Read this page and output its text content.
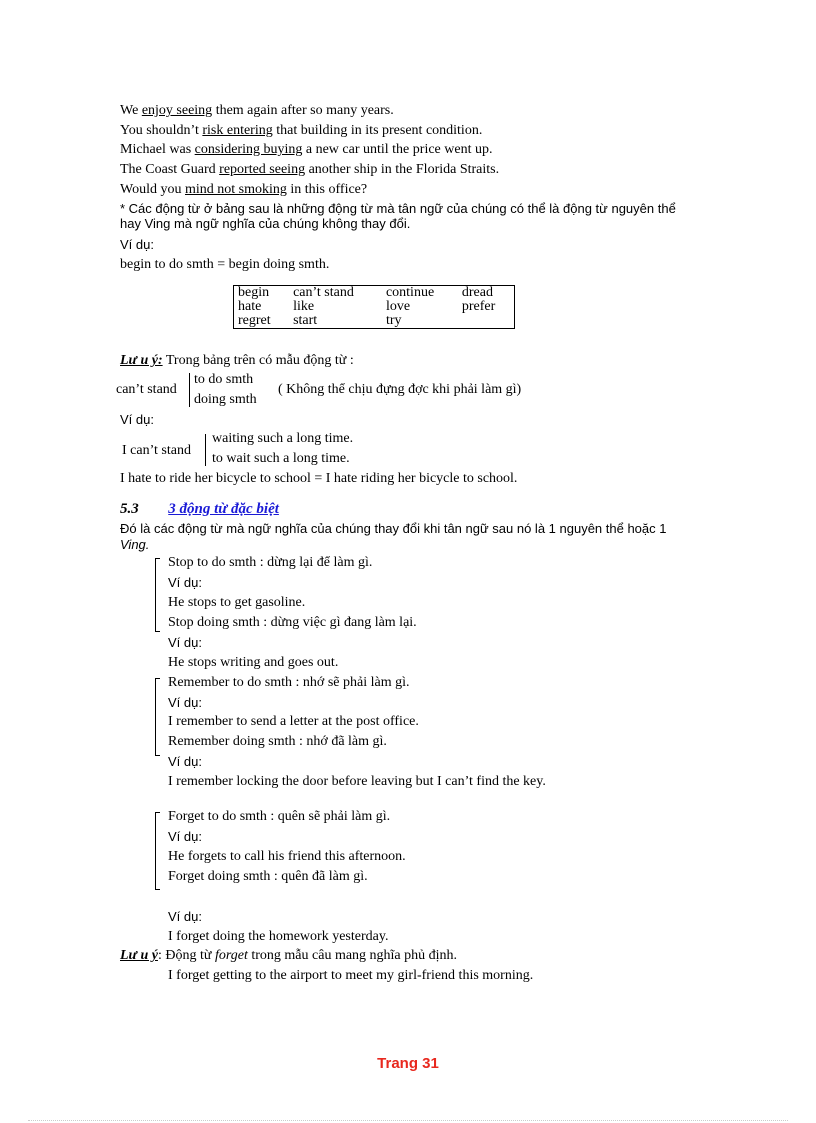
We enjoy seeing them again after so many years.
You shouldn’t risk entering that building in its present condition.
Michael was considering buying a new car until the price went up.
The Coast Guard reported seeing another ship in the Florida Straits.
Would you mind not smoking in this office?
* Các động từ ở bảng sau là những động từ mà tân ngữ của chúng có thể là động từ nguyên thể
hay Ving mà ngữ nghĩa của chúng không thay đổi.
Ví dụ:
begin to do smth = begin doing smth.
begin	can’t stand	continue	dread
hate	like	love	prefer
regret	start	try	
Lư u ý: Trong bảng trên có mẫu động từ :
can’t stand
to do smth
doing smth
( Không thể chịu đựng đợc khi phải làm gì)
Ví dụ:
I can’t stand
waiting such a long time.
to wait such a long time.
I hate to ride her bicycle to school = I hate riding her bicycle to school.
5.3 3 động từ đặc biệt
Đó là các động từ mà ngữ nghĩa của chúng thay đổi khi tân ngữ sau nó là 1 nguyên thể hoặc 1
Ving.
Stop to do smth : dừng lại để làm gì.
Ví dụ:
He stops to get gasoline.
Stop doing smth : dừng việc gì đang làm lại.
Ví dụ:
He stops writing and goes out.
Remember to do smth : nhớ sẽ phải làm gì.
Ví dụ:
I remember to send a letter at the post office.
Remember doing smth : nhớ đã làm gì.
Ví dụ:
I remember locking the door before leaving but I can’t find the key.
Forget to do smth : quên sẽ phải làm gì.
Ví dụ:
He forgets to call his friend this afternoon.
Forget doing smth : quên đã làm gì.
Ví dụ:
I forget doing the homework yesterday.
Lư u ý: Động từ forget trong mẫu câu mang nghĩa phủ định.
I forget getting to the airport to meet my girl-friend this morning.
Trang 31
